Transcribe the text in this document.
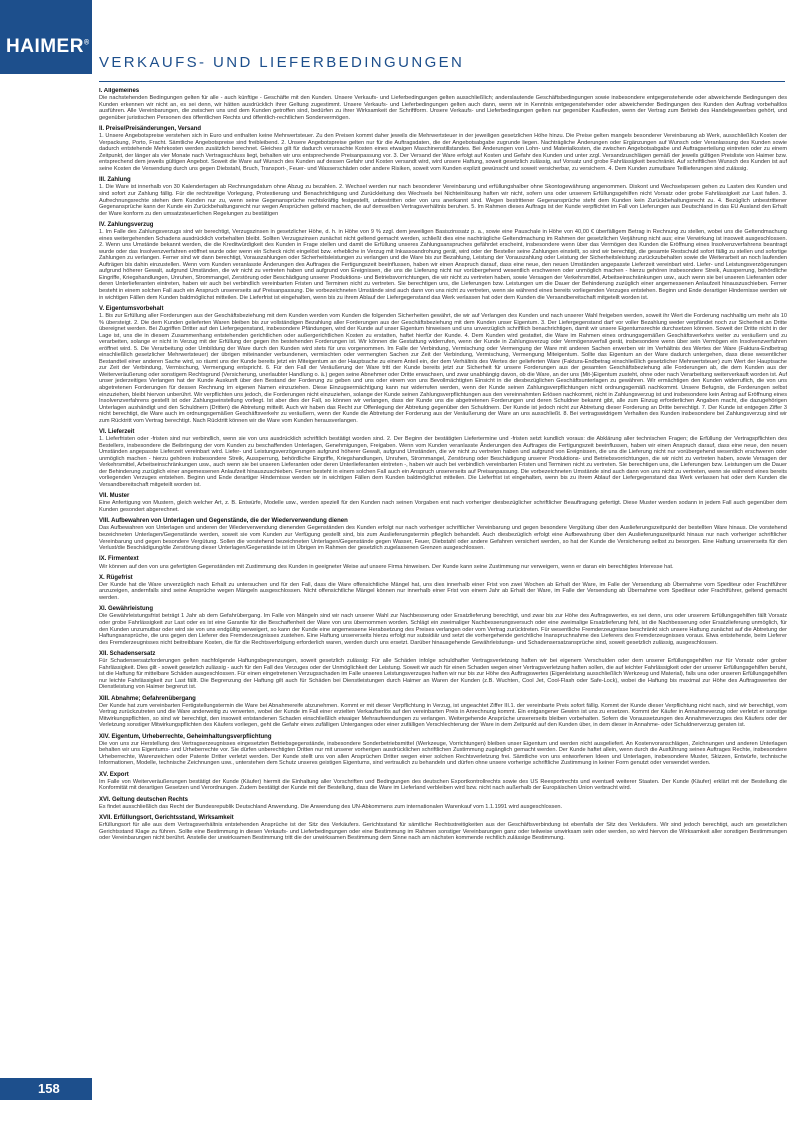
HAIMER®
158
VERKAUFS- UND LIEFERBEDINGUNGEN
I. Allgemeines

Die nachstehenden Bedingungen gelten für alle - auch künftige - Geschäfte mit den Kunden. Unsere Verkaufs- und Lieferbedingungen gelten ausschließlich; anderslautende Geschäftsbedingungen sowie insbesondere entgegenstehende oder abweichende Bedingungen des Kunden erkennen wir nicht an, es sei denn, wir hätten ausdrücklich ihrer Geltung zugestimmt. Unsere Verkaufs- und Lieferbedingungen gelten auch dann, wenn wir in Kenntnis entgegenstehender oder abweichender Bedingungen des Kunden den Auftrag vorbehaltlos ausführen. Alle Vereinbarungen, die zwischen uns und dem Kunden getroffen sind, bedürfen zu ihrer Wirksamkeit der Schriftform. Unsere Verkaufs- und Lieferbedingungen gelten nur gegenüber Kaufleuten, wenn der Vertrag zum Betrieb des Handelsgewerbes gehört, und gegenüber juristischen Personen des öffentlichen Rechts und öffentlich-rechtlichen Sondervermögen.

II. Preise/Preisänderungen, Versand

1. Unsere Angebotspreise verstehen sich in Euro und enthalten keine Mehrwertsteuer. Zu den Preisen kommt daher jeweils die Mehrwertsteuer in der jeweiligen gesetzlichen Höhe hinzu. Die Preise gelten mangels besonderer Vereinbarung ab Werk, ausschließlich Kosten der Verpackung, Porto, Fracht. Sämtliche Angebotspreise sind freibleibend. 2. Unsere Angebotspreise gelten nur für die Auftragsdaten, die der Angebotsabgabe zugrunde liegen. Nachträgliche Änderungen oder Ergänzungen auf Wunsch oder Veranlassung des Kunden sowie dadurch entstehende Mehrkosten werden zusätzlich berechnet. Gleiches gilt für dadurch verursachte Kosten eines etwaigen Maschinenstillstandes. Bei Änderungen von Lohn- und Materialkosten, die zwischen Angebotsabgabe und Auftragserteilung eintreten oder zu einem Zeitpunkt, der länger als vier Monate nach Vertragsschluss liegt, behalten wir uns entsprechende Preisanpassung vor. 3. Der Versand der Ware erfolgt auf Kosten und Gefahr des Kunden und unter zzgl. Versandzuschlägen gemäß der jeweils gültigen Preisliste von Haimer bzw. entsprechend dem jeweils gültigen Angebot. Soweit die Ware auf Wunsch des Kunden auf dessen Gefahr und Kosten versandt wird, wird unsere Haftung, soweit gesetzlich zulässig, auf Vorsatz und grobe Fahrlässigkeit beschränkt. Auf schriftlichen Wunsch des Kunden ist auf seine Kosten die Versendung durch uns gegen Diebstahl, Bruch, Transport-, Feuer- und Wasserschäden oder andere Risiken, soweit vom Kunden explizit gewünscht und soweit versicherbar, zu versichern. 4. Dem Kunden zumutbare Teillieferungen sind zulässig.

III. Zahlung

1. Die Ware ist innerhalb von 30 Kalendertagen ab Rechnungsdatum ohne Abzug zu bezahlen. 2. Wechsel werden nur nach besonderer Vereinbarung und erfüllungshalber ohne Skontogewährung angenommen. Diskont und Wechselspesen gehen zu Lasten des Kunden und sind sofort zur Zahlung fällig. Für die rechtzeitige Vorlegung, Protestierung und Benachrichtigung und Zurückleitung des Wechsels bei Nichteinlösung haften wir nicht, sofern uns oder unserem Erfüllungsgehilfen nicht Vorsatz oder grobe Fahrlässigkeit zur Last fallen. 3. Aufrechnungsrechte stehen dem Kunden nur zu, wenn seine Gegenansprüche rechtskräftig festgestellt, unbestritten oder von uns anerkannt sind. Wegen bestrittener Gegenansprüche steht dem Kunden kein Zurückbehaltungsrecht zu. 4. Bezüglich unbestrittener Gegenansprüche kann der Kunde ein Zurückbehaltungsrecht nur wegen Ansprüchen geltend machen, die auf demselben Vertragsverhältnis beruhen. 5. Im Rahmen dieses Auftrags ist der Kunde verpflichtet im Fall von Lieferungen aus Deutschland in das EU Ausland den Erhalt der Ware konform zu den umsatzsteuerlichen Regelungen zu bestätigen

IV. Zahlungsverzug

1. Im Falle des Zahlungsverzugs sind wir berechtigt, Verzugszinsen in gesetzlicher Höhe, d. h. in Höhe von 9 % zzgl. dem jeweiligen Basiszinssatz p. a., sowie eine Pauschale in Höhe von 40,00 € überfälligem Betrag in Rechnung zu stellen, wobei uns die Geltendmachung eines weitergehenden Schadens ausdrücklich vorbehalten bleibt. Sollten Verzugszinsen zunächst nicht geltend gemacht werden, schließt dies eine nachträgliche Geltendmachung im Rahmen der gesetzlichen Verjährung nicht aus; eine Verwirkung ist insoweit ausgeschlossen. 2. Wenn uns Umstände bekannt werden, die die Kreditwürdigkeit des Kunden in Frage stellen und damit die Erfüllung unseres Zahlungsanspruches gefährdet erscheint, insbesondere wenn über das Vermögen des Kunden die Eröffnung eines Insolvenzverfahrens beantragt wurde oder das Insolvenzverfahren eröffnet wurde oder wenn ein Scheck nicht eingelöst bzw. erhebliche in Verzug mit Inkassoandrohung gerät, wird oder der Besteller seine Zahlungen einstellt, so sind wir berechtigt, die gesamte Restschuld sofort fällig zu stellen und sofortige Zahlungen zu verlangen. Ferner sind wir dann berechtigt, Vorauszahlungen oder Sicherheitsleistungen zu verlangen und die Ware bis zur Bezahlung, Leistung der Vorauszahlung oder Leistung der Sicherheitsleistung zurückzubehalten sowie die Weiterarbeit an noch laufenden Aufträgen bis dahin einzustellen. Wenn vom Kunden veranlasste Änderungen des Auftrages die Fertigungszeit beeinflussen, haben wir einen Anspruch darauf, dass eine neue, den neuen Umständen angepasste Lieferzeit vereinbart wird. Liefer- und Leistungsverzögerungen aufgrund höherer Gewalt, aufgrund Umständen, die wir nicht zu vertreten haben und aufgrund von Ereignissen, die uns die Lieferung nicht nur vorübergehend wesentlich erschweren oder unmöglich machen - hierzu gehören insbesondere Streik, Aussperrung, behördliche Eingriffe, Kriegshandlungen, Unruhen, Strommangel, Zerstörung oder Beschädigung unserer Produktions- und Betriebsvorrichtungen, die wir nicht zu vertreten haben, sowie Versagen der Verkehrsmittel, Arbeitseinschränkungen usw., auch wenn sie bei unseren Lieferanten oder deren Unterlieferanten eintreten, haben wir auch bei verbindlich vereinbarten Fristen und Terminen nicht zu vertreten. Sie berechtigen uns, die Lieferungen bzw. Leistungen um die Dauer der Behinderung zuzüglich einer angemessenen Anlaufzeit hinauszuschieben. Ferner besteht in einem solchen Fall auch ein Anspruch unsererseits auf Preisanpassung. Die vorbezeichneten Umstände sind auch dann von uns nicht zu vertreten, wenn sie während eines bereits vorliegenden Verzuges entstehen. Beginn und Ende derartiger Hindernisse werden wir in wichtigen Fällen dem Kunden baldmöglichst mitteilen. Die Lieferfrist ist eingehalten, wenn bis zu ihrem Ablauf der Liefergegenstand das Werk verlassen hat oder dem Kunden die Versandbereitschaft mitgeteilt worden ist.

V. Eigentumsvorbehalt

1. Bis zur Erfüllung aller Forderungen aus der Geschäftsbeziehung mit dem Kunden werden vom Kunden die folgenden Sicherheiten gewährt, die wir auf Verlangen des Kunden und nach unserer Wahl freigeben werden, soweit ihr Wert die Forderung nachhaltig um mehr als 10 % übersteigt. 2. Die dem Kunden gelieferten Waren bleiben bis zur vollständigen Bezahlung aller Forderungen aus der Geschäftsbeziehung mit dem Kunden unser Eigentum. 3. Der Liefergegenstand darf vor voller Bezahlung weder verpfändet noch zur Sicherheit an Dritte übereignet werden. Bei Zugriffen Dritter auf den Liefergegenstand, insbesondere Pfändungen, wird der Kunde auf unser Eigentum hinweisen und uns unverzüglich schriftlich benachrichtigen, damit wir unsere Eigentumsrechte durchsetzen können. Soweit der Dritte nicht in der Lage ist, uns die in diesem Zusammenhang entstehenden gerichtlichen oder außergerichtlichen Kosten zu erstatten, haftet hierfür der Kunde. 4. Dem Kunden wird gestattet, die Ware im Rahmen eines ordnungsgemäßen Geschäftsverkehrs weiter zu veräußern und zu verarbeiten, solange er nicht in Verzug mit der Erfüllung der gegen ihn bestehenden Forderungen ist. Wir können die Gestattung widerrufen, wenn der Kunde in Zahlungsverzug oder Vermögensverfall gerät, insbesondere wenn über sein Vermögen ein Insolvenzverfahren eröffnet wird. 5. Die Verarbeitung oder Umbildung der Ware durch den Kunden wird stets für uns vorgenommen. Im Falle der Verbindung, Vermischung oder Vermengung der Ware mit anderen Sachen erwerben wir im Verhältnis des Wertes der Ware (Faktura-Endbetrag einschließlich gesetzlicher Mehrwertsteuer) der übrigen miteinander verbundenen, vermischten oder vermengten Sachen zur Zeit der Verbindung, Vermischung, Vermengung Miteigentum. Sollte das Eigentum an der Ware dadurch untergehen, dass diese wesentlicher Bestandteil einer anderen Sache wird, so räumt uns der Kunde bereits jetzt ein Miteigentum an der Hauptsache zu einem Anteil ein, der dem Verhältnis des Wertes der gelieferten Ware (Faktura-Endbetrag einschließlich gesetzlicher Mehrwertsteuer) zum Wert der Hauptsache zur Zeit der Verbindung, Vermischung, Vermengung entspricht. 6. Für den Fall der Veräußerung der Ware tritt der Kunde bereits jetzt zur Sicherheit für unsere Forderungen aus der gesamten Geschäftsbeziehung alle Forderungen ab, die dem Kunden aus der Weiterveräußerung oder sonstigem Rechtsgrund (Versicherung, unerlaubter Handlung o. ä.) gegen seine Abnehmer oder Dritte erwachsen, und zwar unabhängig davon, ob die Ware, an der uns (Mit-)Eigentum zusteht, ohne oder nach Verarbeitung weiterverkauft worden ist. Auf unser jederzeitiges Verlangen hat der Kunde Auskunft über den Bestand der Forderung zu geben und uns oder einem von uns Bevollmächtigten Einsicht in die diesbezüglichen Geschäftsunterlagen zu gewähren. Wir ermächtigen den Kunden widerruflich, die von uns abgetretenen Forderungen für dessen Rechnung im eigenen Namen einzuziehen. Diese Einzugsermächtigung kann nur widerrufen werden, wenn der Kunde seinen Zahlungsverpflichtungen nicht ordnungsgemäß nachkommt. Unsere Befugnis, die Forderungen selbst einzuziehen, bleibt hiervon unberührt. Wir verpflichten uns jedoch, die Forderungen nicht einzuziehen, solange der Kunde seinen Zahlungsverpflichtungen aus den vereinnahmten Erlösen nachkommt, nicht in Zahlungsverzug ist und insbesondere kein Antrag auf Eröffnung eines Insolvenzverfahrens gestellt ist oder Zahlungseinstellung vorliegt. Ist aber dies der Fall, so können wir verlangen, dass der Kunde uns die abgetretenen Forderungen und deren Schuldner bekannt gibt, alle zum Einzug erforderlichen Angaben macht, die dazugehörigen Unterlagen aushändigt und den Schuldnern (Dritten) die Abtretung mitteilt. Auch wir haben das Recht zur Offenlegung der Abtretung gegenüber den Schuldnern. Der Kunde ist jedoch nicht zur Abtretung dieser Forderung an Dritte berechtigt. 7. Der Kunde ist entgegen Ziffer 3 nicht berechtigt, die Ware auch im ordnungsgemäßen Geschäftsverkehr zu veräußern, wenn der Kunde die Abtretung der Forderung aus der Veräußerung der Ware an uns ausschließt. 8. Bei vertragswidrigem Verhalten des Kunden insbesondere bei Zahlungsverzug sind wir zum Rücktritt vom Vertrag berechtigt. Nach Rücktritt können wir die Ware vom Kunden herausverlangen.

VI. Lieferzeit

1. Lieferfristen oder -fristen sind nur verbindlich, wenn sie von uns ausdrücklich schriftlich bestätigt worden sind. 2. Der Beginn der bestätigten Liefertermine und -fristen setzt kundlich voraus: die Abklärung aller technischen Fragen; die Erfüllung der Vertragspflichten des Bestellers, insbesondere die Beibringung der vom Kunden zu beschaffenden Unterlagen, Genehmigungen, Freigaben. Wenn vom Kunden veranlasste Änderungen des Auftrages die Fertigungszeit beeinflussen, haben wir einen Anspruch darauf, dass eine neue, den neuen Umständen angepasste Lieferzeit vereinbart wird. Liefer- und Leistungsverzögerungen aufgrund höherer Gewalt, aufgrund Umständen, die wir nicht zu vertreten haben und aufgrund von Ereignissen, die uns die Lieferung nicht nur vorübergehend wesentlich erschweren oder unmöglich machen - hierzu gehören insbesondere Streik, Aussperrung, behördliche Eingriffe, Kriegshandlungen, Unruhen, Strommangel, Zerstörung oder Beschädigung unserer Produktions- und Betriebsvorrichtungen, die wir nicht zu vertreten haben, sowie Versagen der Verkehrsmittel, Arbeitseinschränkungen usw., auch wenn sie bei unseren Lieferanten oder deren Unterlieferanten eintreten -, haben wir auch bei verbindlich vereinbarten Fristen und Terminen nicht zu vertreten. Sie berechtigen uns, die Lieferungen bzw. Leistungen um die Dauer der Behinderung zuzüglich einer angemessenen Anlaufzeit hinauszuschieben. Ferner besteht in einem solchen Fall auch ein Anspruch unsererseits auf Preisanpassung. Die vorbezeichneten Umstände sind auch dann von uns nicht zu vertreten, wenn sie während eines bereits vorliegenden Verzuges entstehen. Beginn und Ende derartiger Hindernisse werden wir in wichtigen Fällen dem Kunden baldmöglichst mitteilen. Die Lieferfrist ist eingehalten, wenn bis zu ihrem Ablauf der Liefergegenstand das Werk verlassen hat oder dem Kunden die Versandbereitschaft mitgeteilt worden ist.

VII. Muster

Eine Anfertigung von Mustern, gleich welcher Art, z. B. Entwürfe, Modelle usw., werden speziell für den Kunden nach seinen Vorgaben erst nach vorheriger diesbezüglicher schriftlicher Beauftragung gefertigt. Diese Muster werden sodann in jedem Fall auch gegenüber dem Kunden gesondert abgerechnet.

VIII. Aufbewahren von Unterlagen und Gegenstände, die der Wiederverwendung dienen

Das Aufbewahren von Unterlagen und anderen der Wiederverwendung dienenden Gegenständen des Kunden erfolgt nur nach vorheriger schriftlicher Vereinbarung und gegen besondere Vergütung über den Auslieferungszeitpunkt der bestellten Ware hinaus. Die vorstehend bezeichneten Unterlagen/Gegenstände werden, soweit sie vom Kunden zur Verfügung gestellt sind, bis zum Auslieferungstermin pfleglich behandelt. Auch diesbezüglich erfolgt eine Aufbewahrung über den Auslieferungszeitpunkt hinaus nur nach vorheriger schriftlicher Vereinbarung und gegen besondere Vergütung. Sollen die vorstehend bezeichneten Unterlagen/Gegenstände gegen Wasser, Feuer, Diebstahl oder andere Gefahren versichert werden, so hat der Kunde die Versicherung selbst zu besorgen. Eine Haftung unsererseits für den Verlust/die Beschädigung/die Zerstörung dieser Unterlagen/Gegenstände ist im Übrigen im Rahmen der gesetzlich zugelassenen Grenzen ausgeschlossen.

IX. Firmentext

Wir können auf den von uns gefertigten Gegenständen mit Zustimmung des Kunden in geeigneter Weise auf unsere Firma hinweisen. Der Kunde kann seine Zustimmung nur verweigern, wenn er daran ein berechtigtes Interesse hat.

X. Rügefrist

Der Kunde hat die Ware unverzüglich nach Erhalt zu untersuchen und für den Fall, dass die Ware offensichtliche Mängel hat, uns dies innerhalb einer Frist von zwei Wochen ab Erhalt der Ware, im Falle der Versendung ab Übernahme vom Spediteur oder Frachtführer anzuzeigen, andernfalls sind seine Ansprüche wegen Mängeln ausgeschlossen. Nicht offensichtliche Mängel können nur innerhalb einer Frist von einem Jahr ab Erhalt der Ware, im Falle der Versendung ab Übernahme vom Spediteur oder Frachtführer, geltend gemacht werden.

XI. Gewährleistung

Die Gewährleistungsfrist beträgt 1 Jahr ab dem Gefahrübergang. Im Falle von Mängeln sind wir nach unserer Wahl zur Nachbesserung oder Ersatzlieferung berechtigt, und zwar bis zur Höhe des Auftragswertes, es sei denn, uns oder unserem Erfüllungsgehilfen fällt Vorsatz oder grobe Fahrlässigkeit zur Last oder es ist eine Garantie für die Beschaffenheit der Ware von uns übernommen worden. Schlägt ein zweimaliger Nachbesserungsversuch oder eine zweimalige Ersatzlieferung fehl, ist die Nachbesserung oder Ersatzlieferung unmöglich, für den Kunden unzumutbar oder wird sie von uns endgültig verweigert, so kann der Kunde eine angemessene Herabsetzung des Preises verlangen oder vom Vertrag zurücktreten. Für wesentliche Fremderzeugnisse beschränkt sich unsere Haftung zunächst auf die Abtretung der Haftungsansprüche, die uns gegen den Lieferer des Fremderzeugnisses zustehen. Eine Haftung unsererseits hierzu erfolgt nur subsidiär und setzt die vorhergehende gerichtliche Inanspruchnahme des Lieferers des Fremderzeugnisses voraus. Etwa entstehende, beim Lieferer des Fremderzeugnisses nicht beitreibbare Kosten, die für die Rechtsverfolgung erforderlich waren, werden durch uns ersetzt. Darüber hinausgehende Gewährleistungs- und Schadensersatzansprüche sind, soweit gesetzlich zulässig, ausgeschlossen.

XII. Schadensersatz

Für Schadensersatzforderungen gelten nachfolgende Haftungsbegrenzungen, soweit gesetzlich zulässig: Für alle Schäden infolge schuldhafter Vertragsverletzung haften wir bei eigenem Verschulden oder dem unserer Erfüllungsgehilfen nur für Vorsatz oder grober Fahrlässigkeit. Dies gilt - soweit gesetzlich zulässig - auch für den Fall des Verzuges oder der Unmöglichkeit der Leistung. Soweit wir auch für einen Schaden wegen einer Vertragsverletzung haften sollen, die auf leichter Fahrlässigkeit oder der unserer Erfüllungsgehilfen beruht, ist die Haftung für mittelbare Schäden ausgeschlossen. Für einen eingetretenen Verzugsschaden im Falle unseres Leistungsverzuges haften wir nur bis zur Höhe des Auftragswertes (Eigenleistung ausschließlich Werkzeug und Material), falls uns oder unseren Erfüllungsgehilfen nur leichte Fahrlässigkeit zur Last fällt. Die Begrenzung der Haftung gilt auch für Schäden bei Dienstleistungen durch Haimer an Waren der Kunden (z.B. Wuchten, Cool Jet, Cool-Flash oder Safe-Lock), wobei die Haftung bis maximal zur Höhe des Auftragswertes der Dienstleistung von Haimer begrenzt ist.

XIII. Abnahme; Gefahrenübergang

Der Kunde hat zum vereinbarten Fertigstellungstermin die Ware bei Abnahmereife abzunehmen. Kommt er mit dieser Verpflichtung in Verzug, ist ungeachtet Ziffer III.1. der vereinbarte Preis sofort fällig. Kommt der Kunde dieser Verpflichtung nicht nach, sind wir berechtigt, vom Vertrag zurückzutreten und die Ware anderweitig zu verwerten, wobei der Kunde im Fall einer erzielten Verkaufserlös auf den vereinbarten Preis in Anrechnung kommt. Ein entgangener Gewinn ist uns zu ersetzen. Kommt der Käufer in Annahmeverzug oder verletzt er sonstige Mitwirkungspflichten, so sind wir berechtigt, den insoweit entstandenen Schaden einschließlich etwaiger Mehraufwendungen zu verlangen. Weitergehende Ansprüche unsererseits bleiben vorbehalten. Sofern die Voraussetzungen des Annahmeverzuges des Käufers oder der Verletzung sonstiger Mitwirkungspflichten des Käufers vorliegen, geht die Gefahr eines zufälligen Unterganges oder einer zufälligen Verschlechterung der Ware in dem Zeitpunkt auf den Kunden über, in dem dieser in Annahme- oder Schuldnerverzug geraten ist.

XIV. Eigentum, Urheberrechte, Geheimhaltungsverpflichtung

Die von uns zur Herstellung des Vertragserzeugnisses eingesetzten Betriebsgegenstände, insbesondere Sonderbetriebsmittel (Werkzeuge, Vorrichtungen) bleiben unser Eigentum und werden nicht ausgeliefert. An Kostenvoranschlägen, Zeichnungen und anderen Unterlagen behalten wir uns Eigentums- und Urheberrechte vor. Sie dürfen unberechtigten Dritten nur mit unserer vorherigen ausdrücklichen schriftlichen Zustimmung zugänglich gemacht werden. Der Kunde haftet allein, wenn durch die Ausführung seines Auftrages Rechte, insbesondere Urheberrechte, Warenzeichen oder Patente Dritter verletzt werden. Der Kunde stellt uns von allen Ansprüchen Dritter wegen einer solchen Rechtsverletzung frei. Sämtliche von uns entworfenen Ideen und Unterlagen, insbesondere Muster, Skizzen, Entwürfe, technische Informationen, Modelle, technische Zeichnungen usw., unterstehen dem Schutz unseres geistigen Eigentums, sind vertraulich zu behandeln und dürfen ohne unsere vorherige schriftliche Zustimmung in keiner Form genutzt oder verwendet werden.

XV. Export

Im Falle von Weiterveräußerungen bestätigt der Kunde (Käufer) hiermit die Einhaltung aller Vorschriften und Bedingungen des deutschen Exportkontrollrechts sowie des US Reexportrechts und eventuell weiterer Staaten. Der Kunde (Käufer) erklärt mit der Bestellung die Konformität mit derartigen Gesetzen und Verordnungen. Zudem bestätigt der Kunde mit der Bestellung, dass die Ware im Lieferland verbleiben wird bzw. nicht nach außerhalb der Europäischen Union verbracht wird.

XVI. Geltung deutschen Rechts

Es findet ausschließlich das Recht der Bundesrepublik Deutschland Anwendung. Die Anwendung des UN-Abkommens zum internationalen Warenkauf vom 1.1.1991 wird ausgeschlossen.

XVII. Erfüllungsort, Gerichtsstand, Wirksamkeit

Erfüllungsort für alle aus dem Vertragsverhältnis entstehenden Ansprüche ist der Sitz des Verkäufers. Gerichtsstand für sämtliche Rechtsstreitigkeiten aus der Geschäftsverbindung ist ebenfalls der Sitz des Verkäufers. Wir sind jedoch berechtigt, auch am gesetzlichen Gerichtsstand Klage zu führen. Sollte eine Bestimmung in diesen Verkaufs- und Lieferbedingungen oder eine Bestimmung im Rahmen sonstiger Vereinbarungen ganz oder teilweise unwirksam sein oder werden, so wird hiervon die Wirksamkeit aller sonstigen Bestimmungen oder Vereinbarungen nicht berührt. Anstelle der unwirksamen Bestimmung tritt die der unwirksamen Bestimmung dem Sinne nach am nächsten kommende rechtlich zulässige Bestimmung.
